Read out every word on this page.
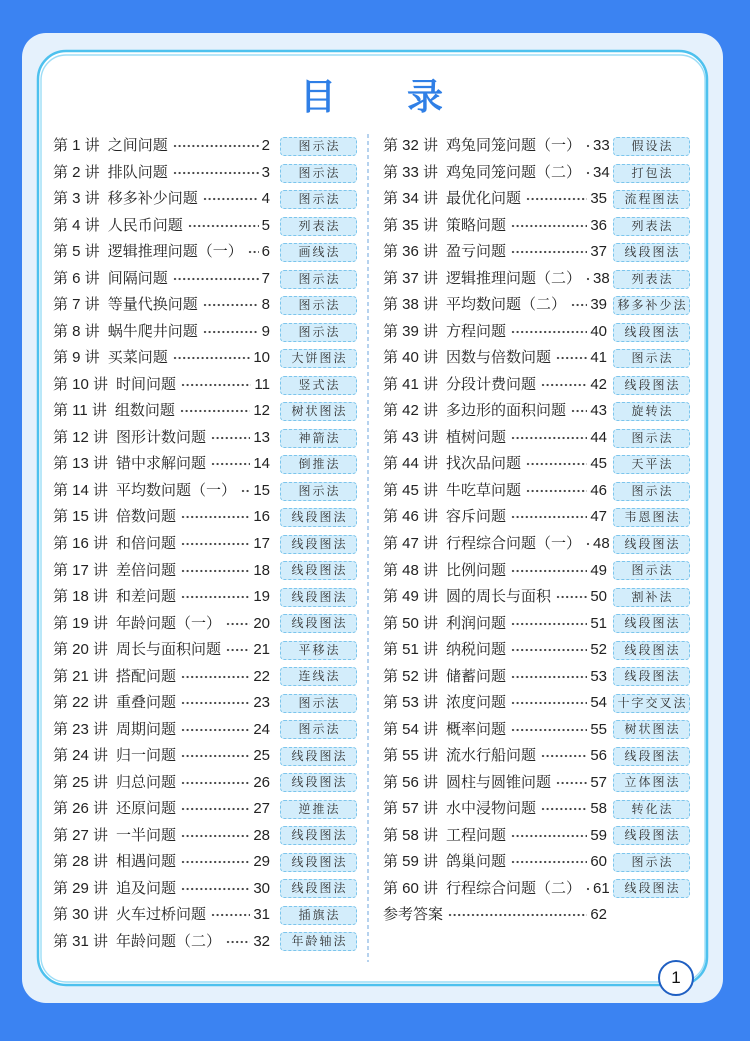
目录
第 1 讲 之间问题	2	图示法
第 2 讲 排队问题	3	图示法
第 3 讲 移多补少问题	4	图示法
第 4 讲 人民币问题	5	列表法
第 5 讲 逻辑推理问题（一） 6	画线法
第 6 讲 间隔问题	7	图示法
第 7 讲 等量代换问题	8	图示法
第 8 讲 蜗牛爬井问题	9	图示法
第 9 讲 买菜问题	10	大饼图法
第 10 讲 时间问题	11	竖式法
第 11 讲 组数问题	12	树状图法
第 12 讲 图形计数问题	13	神箭法
第 13 讲 错中求解问题	14	倒推法
第 14 讲 平均数问题（一） 15	图示法
第 15 讲 倍数问题	16	线段图法
第 16 讲 和倍问题	17	线段图法
第 17 讲 差倍问题	18	线段图法
第 18 讲 和差问题	19	线段图法
第 19 讲 年龄问题（一） 20	线段图法
第 20 讲 周长与面积问题 21	平移法
第 21 讲 搭配问题	22	连线法
第 22 讲 重叠问题	23	图示法
第 23 讲 周期问题	24	图示法
第 24 讲 归一问题	25	线段图法
第 25 讲 归总问题	26	线段图法
第 26 讲 还原问题	27	逆推法
第 27 讲 一半问题	28	线段图法
第 28 讲 相遇问题	29	线段图法
第 29 讲 追及问题	30	线段图法
第 30 讲 火车过桥问题	31	插旗法
第 31 讲 年龄问题（二） 32	年龄轴法
第 32 讲 鸡兔同笼问题（一） 33	假设法
第 33 讲 鸡兔同笼问题（二） 34	打包法
第 34 讲 最优化问题	35	流程图法
第 35 讲 策略问题	36	列表法
第 36 讲 盈亏问题	37	线段图法
第 37 讲 逻辑推理问题（二） 38	列表法
第 38 讲 平均数问题（二） 39 移多补少法
第 39 讲 方程问题	40	线段图法
第 40 讲 因数与倍数问题	41	图示法
第 41 讲 分段计费问题	42	线段图法
第 42 讲 多边形的面积问题 43	旋转法
第 43 讲 植树问题	44	图示法
第 44 讲 找次品问题	45	天平法
第 45 讲 牛吃草问题	46	图示法
第 46 讲 容斥问题	47	韦恩图法
第 47 讲 行程综合问题（一） 48	线段图法
第 48 讲 比例问题	49	图示法
第 49 讲 圆的周长与面积	50	割补法
第 50 讲 利润问题	51	线段图法
第 51 讲 纳税问题	52	线段图法
第 52 讲 储蓄问题	53	线段图法
第 53 讲 浓度问题	54 十字交叉法
第 54 讲 概率问题	55	树状图法
第 55 讲 流水行船问题	56	线段图法
第 56 讲 圆柱与圆锥问题	57	立体图法
第 57 讲 水中浸物问题	58	转化法
第 58 讲 工程问题	59	线段图法
第 59 讲 鸽巢问题	60	图示法
第 60 讲 行程综合问题（二） 61	线段图法
参考答案	62
1
